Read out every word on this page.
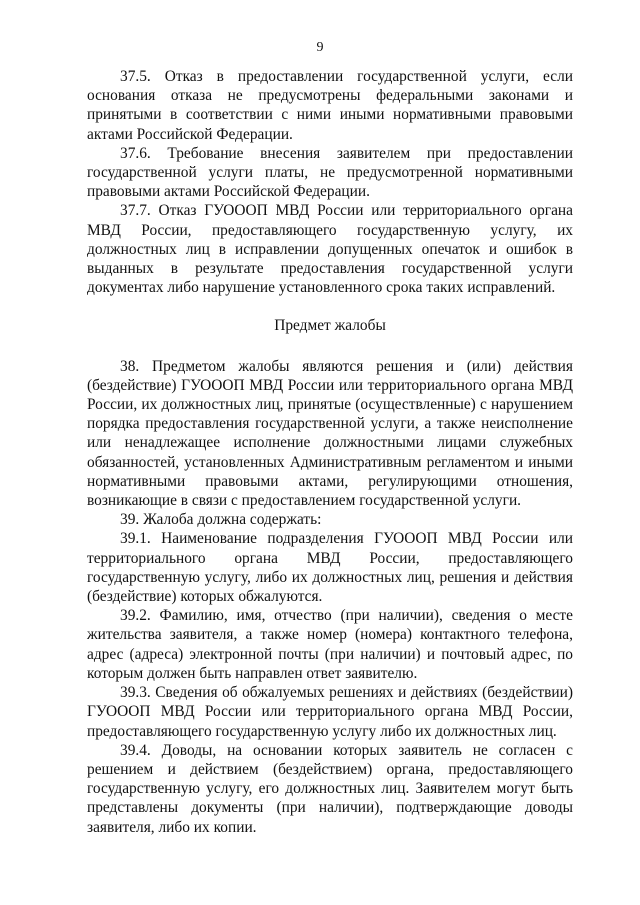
9

37.5. Отказ в предоставлении государственной услуги, если основания отказа не предусмотрены федеральными законами и принятыми в соответствии с ними иными нормативными правовыми актами Российской Федерации.

37.6. Требование внесения заявителем при предоставлении государственной услуги платы, не предусмотренной нормативными правовыми актами Российской Федерации.

37.7. Отказ ГУОООП МВД России или территориального органа МВД России, предоставляющего государственную услугу, их должностных лиц в исправлении допущенных опечаток и ошибок в выданных в результате предоставления государственной услуги документах либо нарушение установленного срока таких исправлений.

Предмет жалобы

38. Предметом жалобы являются решения и (или) действия (бездействие) ГУОООП МВД России или территориального органа МВД России, их должностных лиц, принятые (осуществленные) с нарушением порядка предоставления государственной услуги, а также неисполнение или ненадлежащее исполнение должностными лицами служебных обязанностей, установленных Административным регламентом и иными нормативными правовыми актами, регулирующими отношения, возникающие в связи с предоставлением государственной услуги.

39. Жалоба должна содержать:

39.1. Наименование подразделения ГУОООП МВД России или территориального органа МВД России, предоставляющего государственную услугу, либо их должностных лиц, решения и действия (бездействие) которых обжалуются.

39.2. Фамилию, имя, отчество (при наличии), сведения о месте жительства заявителя, а также номер (номера) контактного телефона, адрес (адреса) электронной почты (при наличии) и почтовый адрес, по которым должен быть направлен ответ заявителю.

39.3. Сведения об обжалуемых решениях и действиях (бездействии) ГУОООП МВД России или территориального органа МВД России, предоставляющего государственную услугу либо их должностных лиц.

39.4. Доводы, на основании которых заявитель не согласен с решением и действием (бездействием) органа, предоставляющего государственную услугу, его должностных лиц. Заявителем могут быть представлены документы (при наличии), подтверждающие доводы заявителя, либо их копии.
